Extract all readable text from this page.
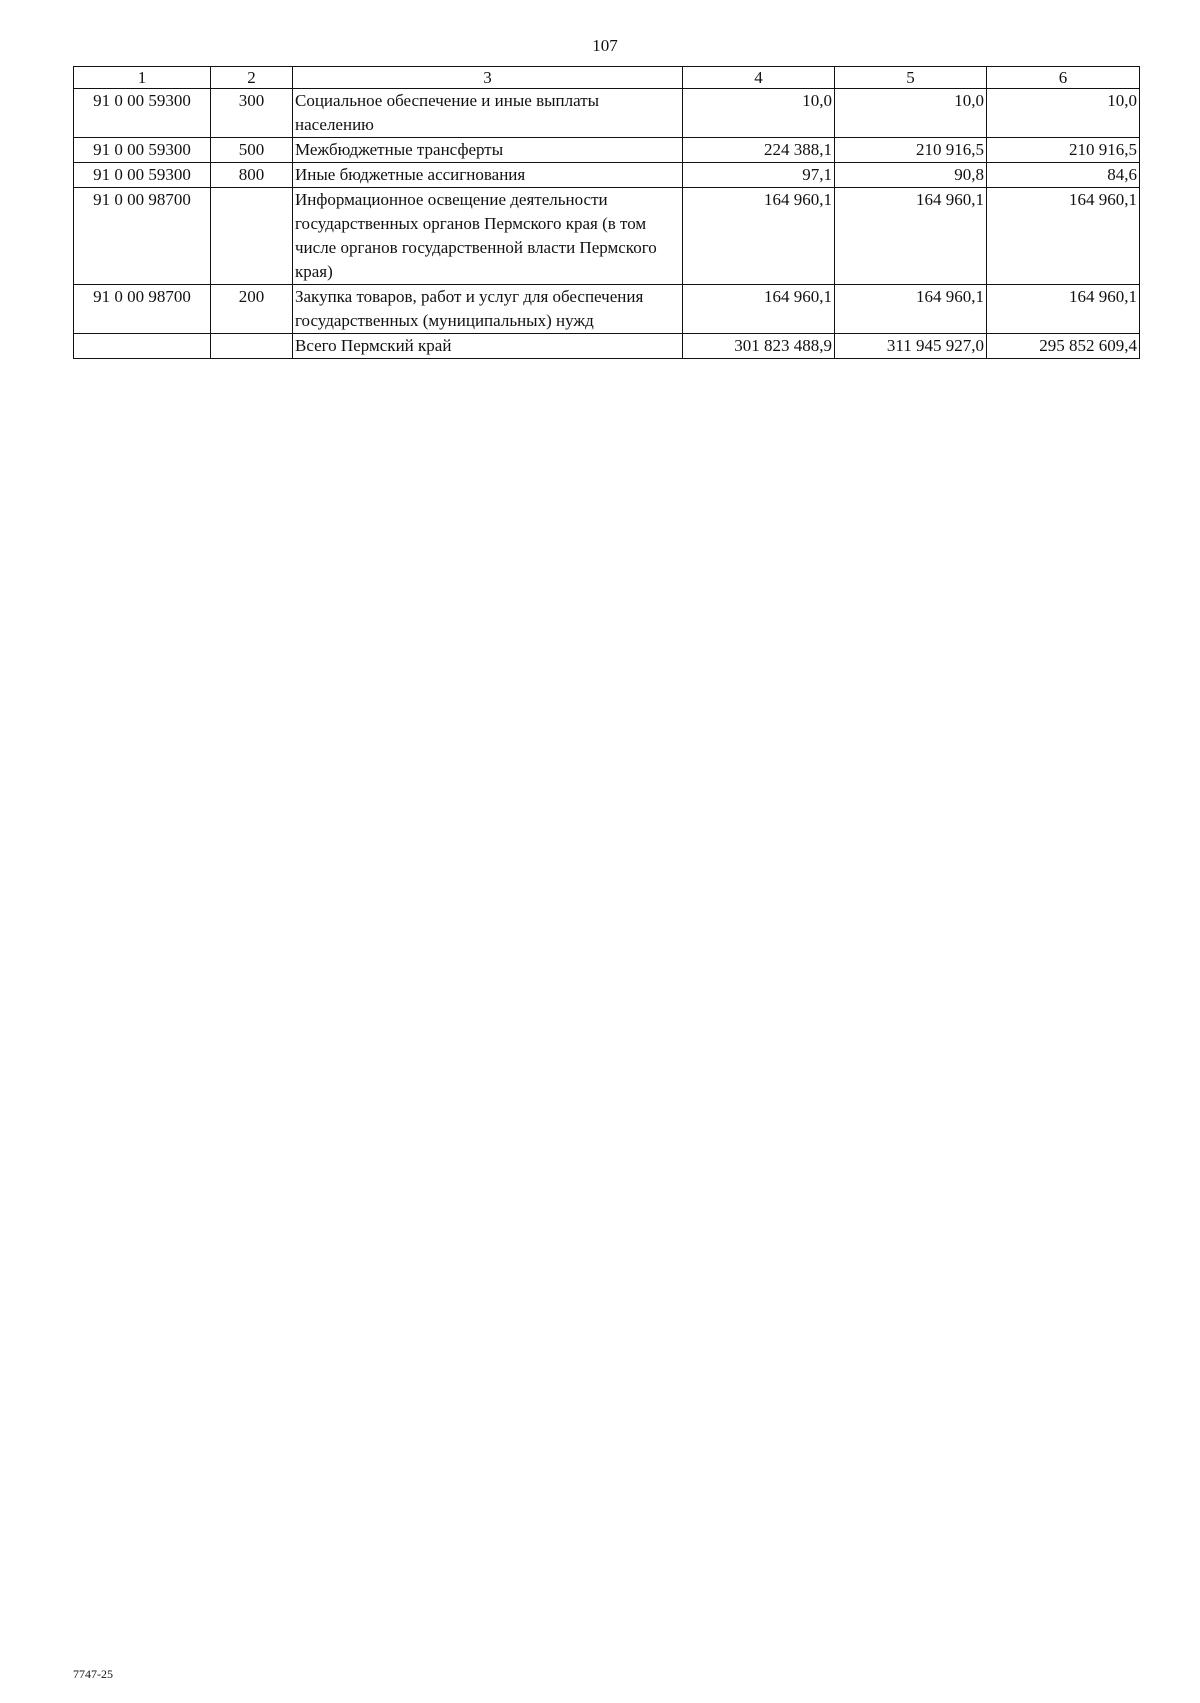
107
1	2	3	4	5	6
91 0 00 59300	300	Социальное обеспечение и иные выплаты населению	10,0	10,0	10,0
91 0 00 59300	500	Межбюджетные трансферты	224 388,1	210 916,5	210 916,5
91 0 00 59300	800	Иные бюджетные ассигнования	97,1	90,8	84,6
91 0 00 98700		Информационное освещение деятельности государственных органов Пермского края (в том числе органов государственной власти Пермского края)	164 960,1	164 960,1	164 960,1
91 0 00 98700	200	Закупка товаров, работ и услуг для обеспечения государственных (муниципальных) нужд	164 960,1	164 960,1	164 960,1
		Всего Пермский край	301 823 488,9	311 945 927,0	295 852 609,4
7747-25
